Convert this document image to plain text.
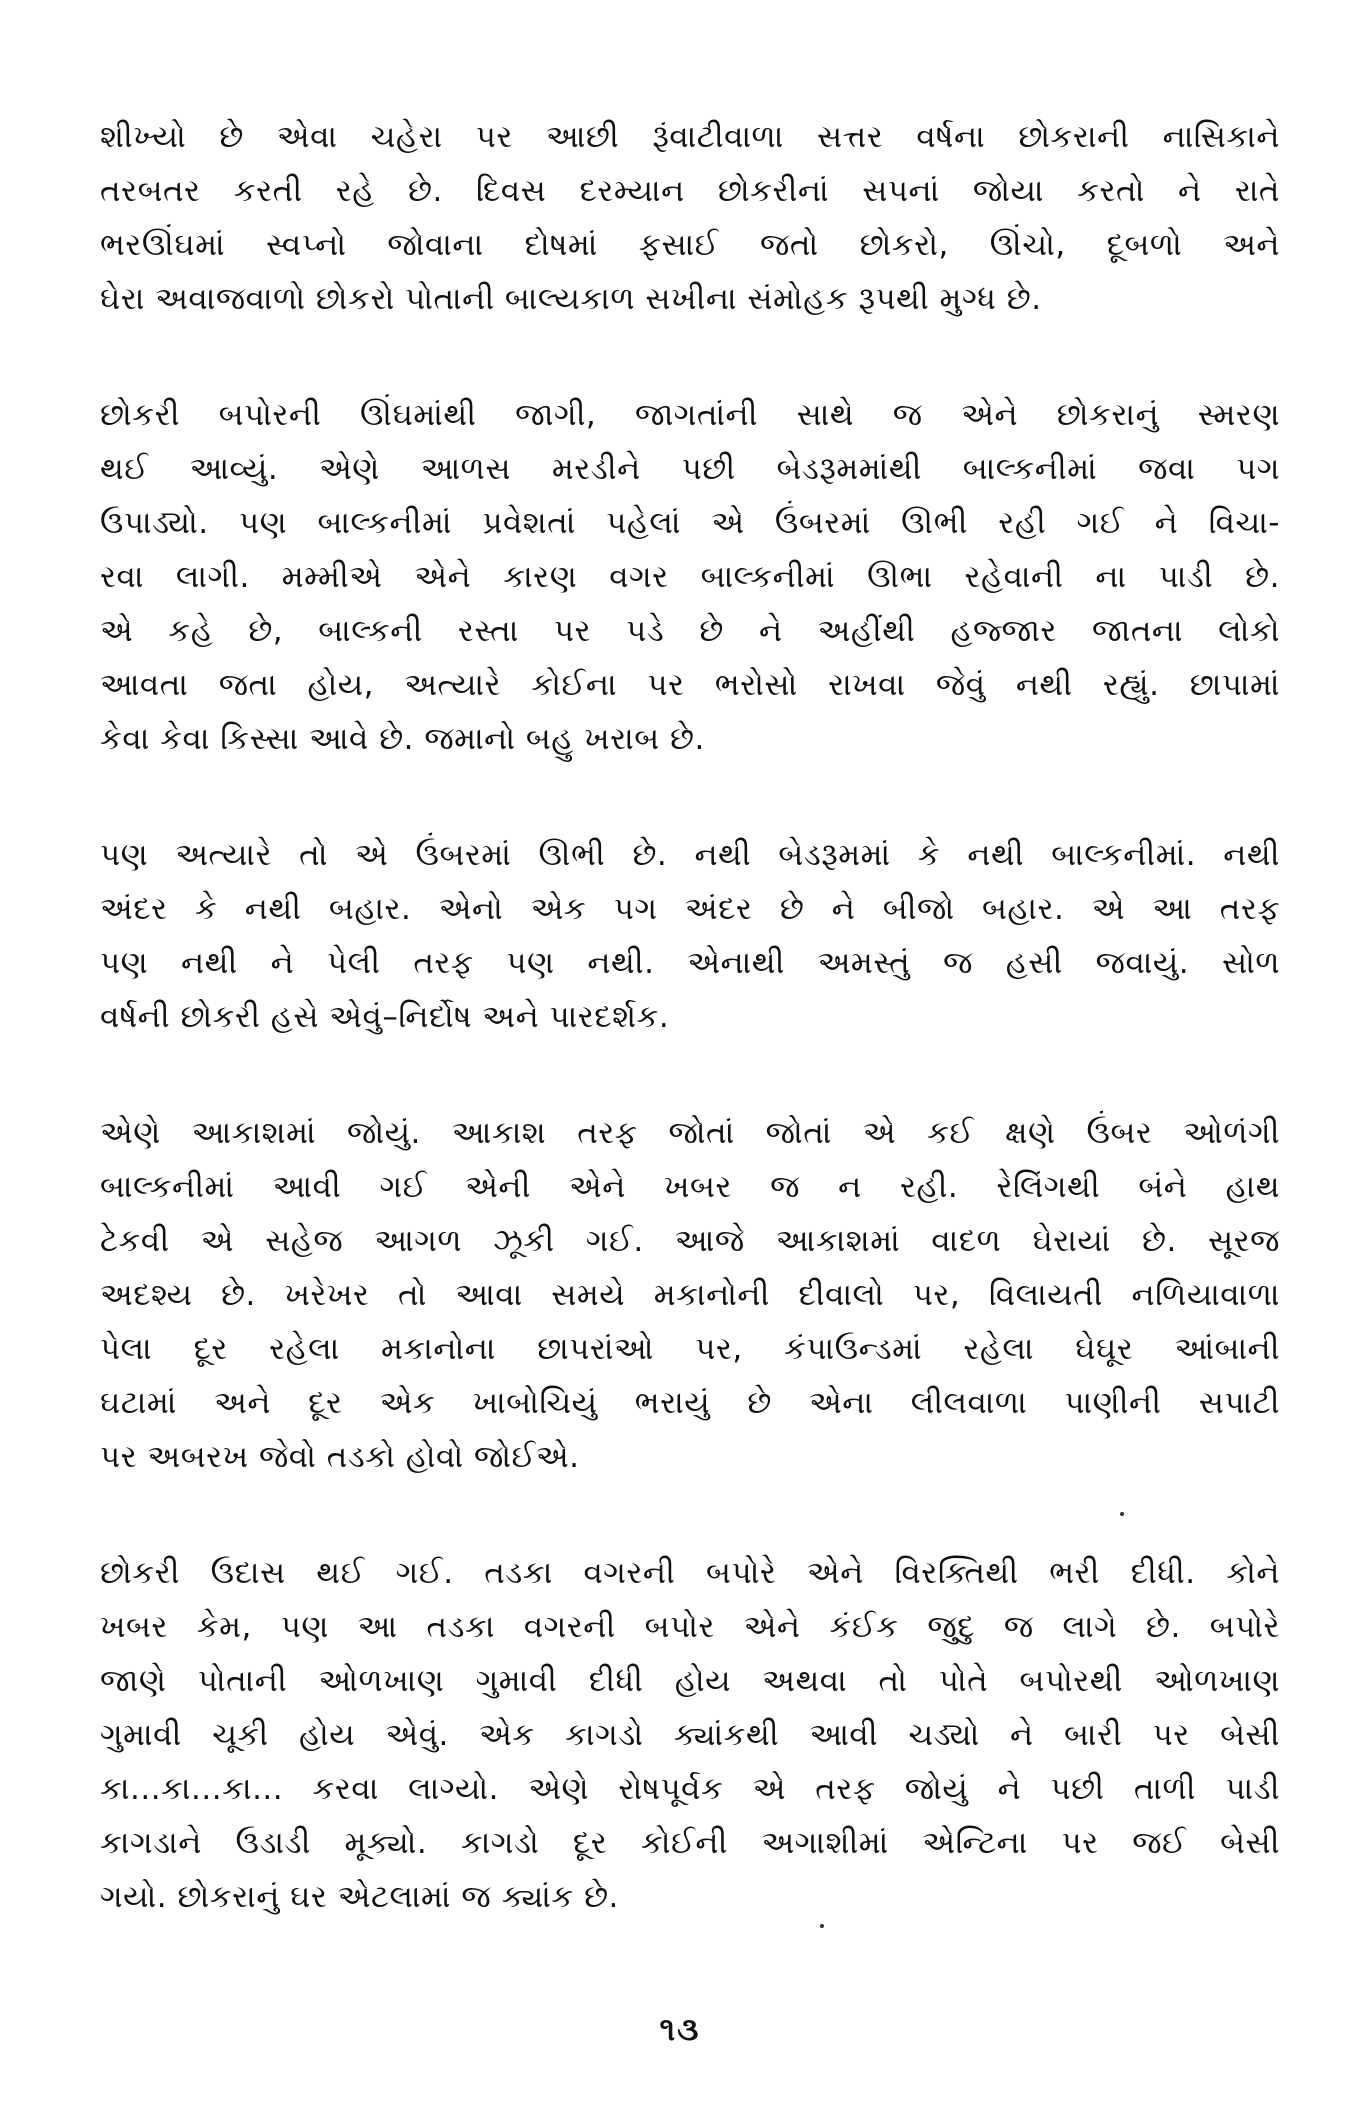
શીખ્યો છે એવા ચહેરા પર આછી રૂંવાટીવાળા સત્તર વર્ષના છોકરાની નાસિકાને
તરબતર કરતી રહે છે. દિવસ દરમ્યાન છોકરીનાં સપનાં જોયા કરતો ને રાતે
ભરઊંઘમાં સ્વપ્નો જોવાના દોષમાં ફસાઈ જતો છોકરો, ઊંચો, દૂબળો અને
ઘેરા અવાજવાળો છોકરો પોતાની બાલ્યકાળ સખીના સંમોહક રૂપથી મુગ્ધ છે.
છોકરી બપોરની ઊંઘમાંથી જાગી, જાગતાંની સાથે જ એને છોકરાનું સ્મરણ
થઈ આવ્યું. એણે આળસ મરડીને પછી બેડરૂમમાંથી બાલ્કનીમાં જવા પગ
ઉપાડ્યો. પણ બાલ્કનીમાં પ્રવેશતાં પહેલાં એ ઉંબરમાં ઊભી રહી ગઈ ને વિચા-
રવા લાગી. મમ્મીએ એને કારણ વગર બાલ્કનીમાં ઊભા રહેવાની ના પાડી છે.
એ કહે છે, બાલ્કની રસ્તા પર પડે છે ને અહીંથી હજ્જાર જાતના લોકો
આવતા જતા હોય, અત્યારે કોઈના પર ભરોસો રાખવા જેવું નથી રહ્યું. છાપામાં
કેવા કેવા કિસ્સા આવે છે. જમાનો બહુ ખરાબ છે.
પણ અત્યારે તો એ ઉંબરમાં ઊભી છે. નથી બેડરૂમમાં કે નથી બાલ્કનીમાં. નથી
અંદર કે નથી બહાર. એનો એક પગ અંદર છે ને બીજો બહાર. એ આ તરફ
પણ નથી ને પેલી તરફ પણ નથી. એનાથી અમસ્તું જ હસી જવાયું. સોળ
વર્ષની છોકરી હસે એવું–નિર્દોષ અને પારદર્શક.
એણે આકાશમાં જોયું. આકાશ તરફ જોતાં જોતાં એ કઈ ક્ષણે ઉંબર ઓળંગી
બાલ્કનીમાં આવી ગઈ એની એને ખબર જ ન રહી. રેલિંગથી બંને હાથ
ટેકવી એ સહેજ આગળ ઝૂકી ગઈ. આજે આકાશમાં વાદળ ઘેરાયાં છે. સૂરજ
અદશ્ય છે. ખરેખર તો આવા સમયે મકાનોની દીવાલો પર, વિલાયતી નળિયાવાળા
પેલા દૂર રહેલા મકાનોના છાપરાંઓ પર, કંપાઉન્ડમાં રહેલા ઘેઘૂર આંબાની
ઘટામાં અને દૂર એક ખાબોચિયું ભરાયું છે એના લીલવાળા પાણીની સપાટી
પર અબરખ જેવો તડકો હોવો જોઈએ.
છોકરી ઉદાસ થઈ ગઈ. તડકા વગરની બપોરે એને વિરક્તિથી ભરી દીધી. કોને
ખબર કેમ, પણ આ તડકા વગરની બપોર એને કંઈક જુદુ જ લાગે છે. બપોરે
જાણે પોતાની ઓળખાણ ગુમાવી દીધી હોય અથવા તો પોતે બપોરથી ઓળખાણ
ગુમાવી ચૂકી હોય એવું. એક કાગડો ક્યાંકથી આવી ચડ્યો ને બારી પર બેસી
કા...કા...કા... કરવા લાગ્યો. એણે રોષપૂર્વક એ તરફ જોયું ને પછી તાળી પાડી
કાગડાને ઉડાડી મૂક્યો. કાગડો દૂર કોઈની અગાશીમાં એન્ટિના પર જઈ બેસી
ગયો. છોકરાનું ઘર એટલામાં જ ક્યાંક છે.
૧૩
